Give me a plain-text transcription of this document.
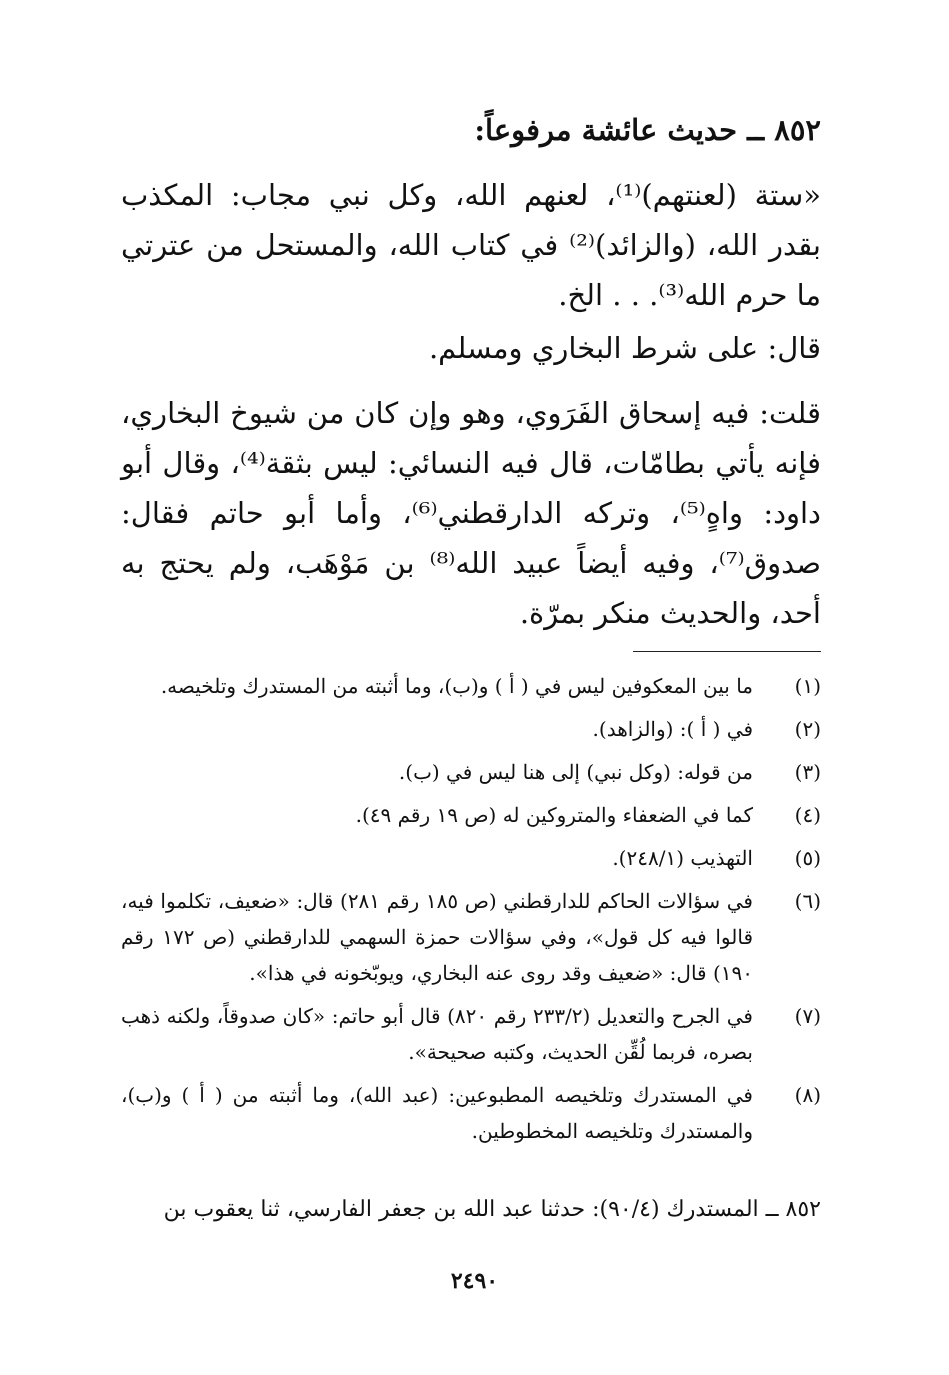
٨٥٢ ــ حديث عائشة مرفوعاً:
«ستة (لعنتهم)⁽¹⁾، لعنهم الله، وكل نبي مجاب: المكذب بقدر الله، (والزائد)⁽²⁾ في كتاب الله، والمستحل من عترتي ما حرم الله⁽³⁾. . . الخ.
قال: على شرط البخاري ومسلم.
قلت: فيه إسحاق الفَرَوي، وهو وإن كان من شيوخ البخاري، فإنه يأتي بطامّات، قال فيه النسائي: ليس بثقة⁽⁴⁾، وقال أبو داود: واهٍ⁽⁵⁾، وتركه الدارقطني⁽⁶⁾، وأما أبو حاتم فقال: صدوق⁽⁷⁾، وفيه أيضاً عبيد الله⁽⁸⁾ بن مَوْهَب، ولم يحتج به أحد، والحديث منكر بمرّة.
(١)
ما بين المعكوفين ليس في ( أ ) و(ب)، وما أثبته من المستدرك وتلخيصه.
(٢)
في ( أ ): (والزاهد).
(٣)
من قوله: (وكل نبي) إلى هنا ليس في (ب).
(٤)
كما في الضعفاء والمتروكين له (ص ١٩ رقم ٤٩).
(٥)
التهذيب (٢٤٨/١).
(٦)
في سؤالات الحاكم للدارقطني (ص ١٨٥ رقم ٢٨١) قال: «ضعيف، تكلموا فيه، قالوا فيه كل قول»، وفي سؤالات حمزة السهمي للدارقطني (ص ١٧٢ رقم ١٩٠) قال: «ضعيف وقد روى عنه البخاري، ويوبّخونه في هذا».
(٧)
في الجرح والتعديل (٢٣٣/٢ رقم ٨٢٠) قال أبو حاتم: «كان صدوقاً، ولكنه ذهب بصره، فربما لُقِّن الحديث، وكتبه صحيحة».
(٨)
في المستدرك وتلخيصه المطبوعين: (عبد الله)، وما أثبته من ( أ ) و(ب)، والمستدرك وتلخيصه المخطوطين.
٨٥٢ ــ المستدرك (٩٠/٤): حدثنا عبد الله بن جعفر الفارسي، ثنا يعقوب بن
٢٤٩٠
